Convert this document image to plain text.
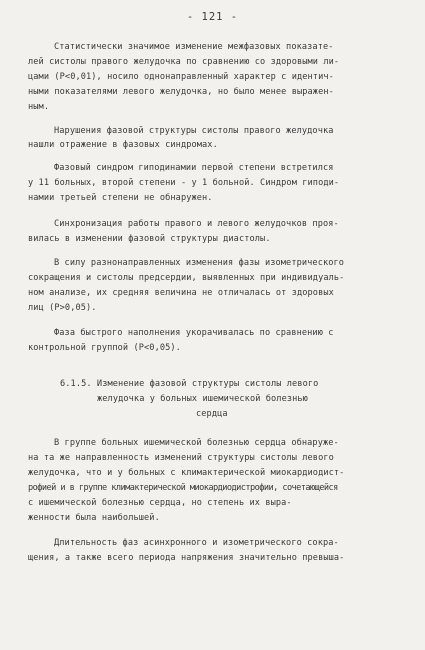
- 121 -
Статистически значимое изменение межфазовых показате-
лей систолы правого желудочка по сравнению со здоровыми ли-
цами (Р<0,01), носило однонаправленный характер с идентич-
ными показателями левого желудочка, но было менее выражен-
ным.
Нарушения фазовой структуры систолы правого желудочка
нашли отражение в фазовых синдромах.
Фазовый синдром гиподинамии первой степени встретился
у 11 больных, второй степени - у 1 больной. Синдром гиподи-
намии третьей степени не обнаружен.
Синхронизация работы правого и левого желудочков проя-
вилась в изменении фазовой структуры диастолы.
В силу разнонаправленных изменения фазы изометрического
сокращения и систолы предсердии, выявленных при индивидуаль-
ном анализе, их средняя величина не отличалась от здоровых
лиц (Р>0,05).
Фаза быстрого наполнения укорачивалась по сравнению с
контрольной группой (Р<0,05).
6.1.5. Изменение фазовой структуры систолы левого
желудочка у больных ишемической болезнью
сердца
В группе больных ишемической болезнью сердца обнаруже-
на та же направленность изменений структуры систолы левого
желудочка, что и у больных с климактерической миокардиодист-
рофией и в группе климактерической миокардиодистрофии, сочетающейся
с ишемической болезнью сердца, но степень их выра-
женности была наибольшей.
Длительность фаз асинхронного и изометрического сокра-
щения, а также всего периода напряжения значительно превыша-
